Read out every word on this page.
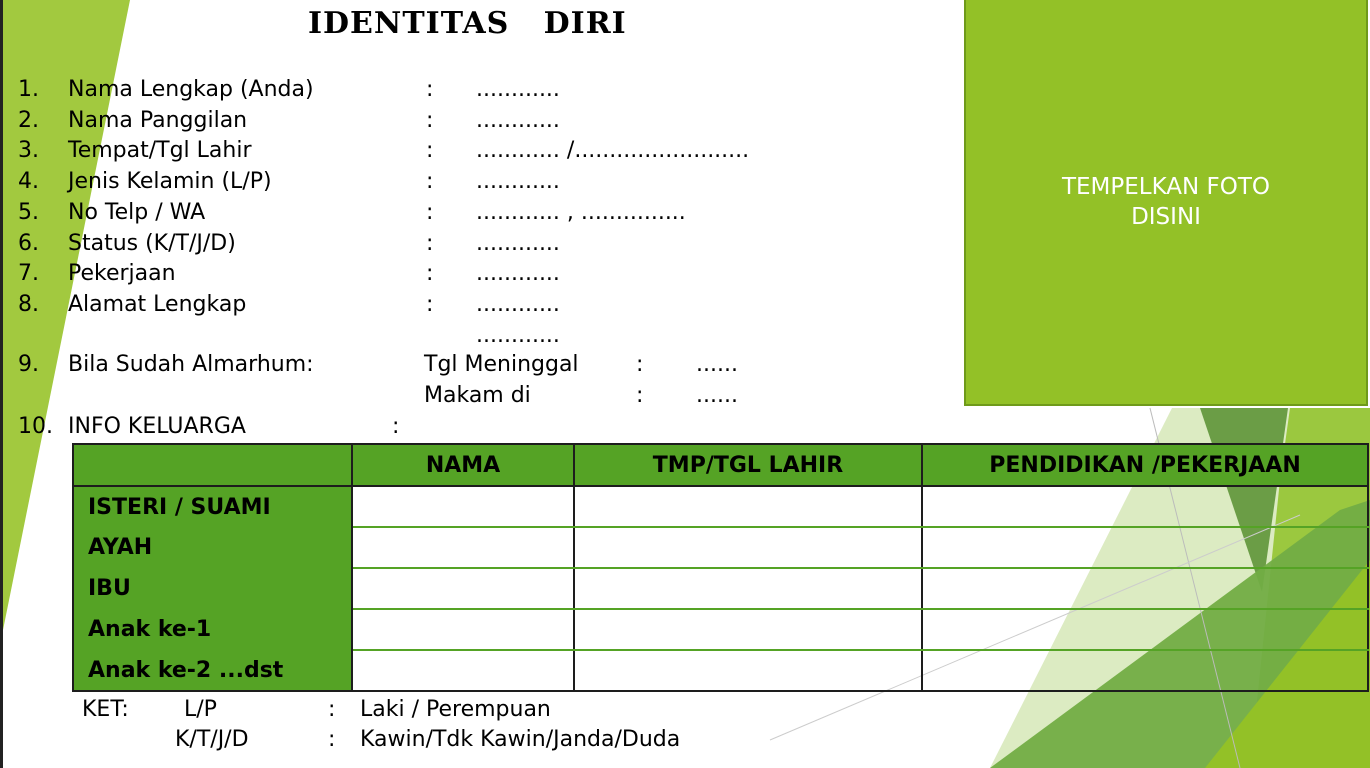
IDENTITAS   DIRI
1. Nama Lengkap (Anda)	: ............
2. Nama Panggilan	: ............
3. Tempat/Tgl Lahir	: ............ /.........................
4. Jenis Kelamin (L/P)	: ............
5. No Telp / WA	: ............ , ...............
6. Status (K/T/J/D)	: ............
7. Pekerjaan	: ............
8. Alamat Lengkap	: ............
............
9. Bila Sudah Almarhum:	Tgl Meninggal	: ......
Makam di	: ......
10. INFO KELUARGA	:
TEMPELKAN FOTO
DISINI
	NAMA	TMP/TGL LAHIR	PENDIDIKAN /PEKERJAAN
ISTERI / SUAMI			
AYAH			
IBU			
Anak ke-1			
Anak ke-2 ...dst			
KET:	L/P	: Laki / Perempuan
K/T/J/D	: Kawin/Tdk Kawin/Janda/Duda
